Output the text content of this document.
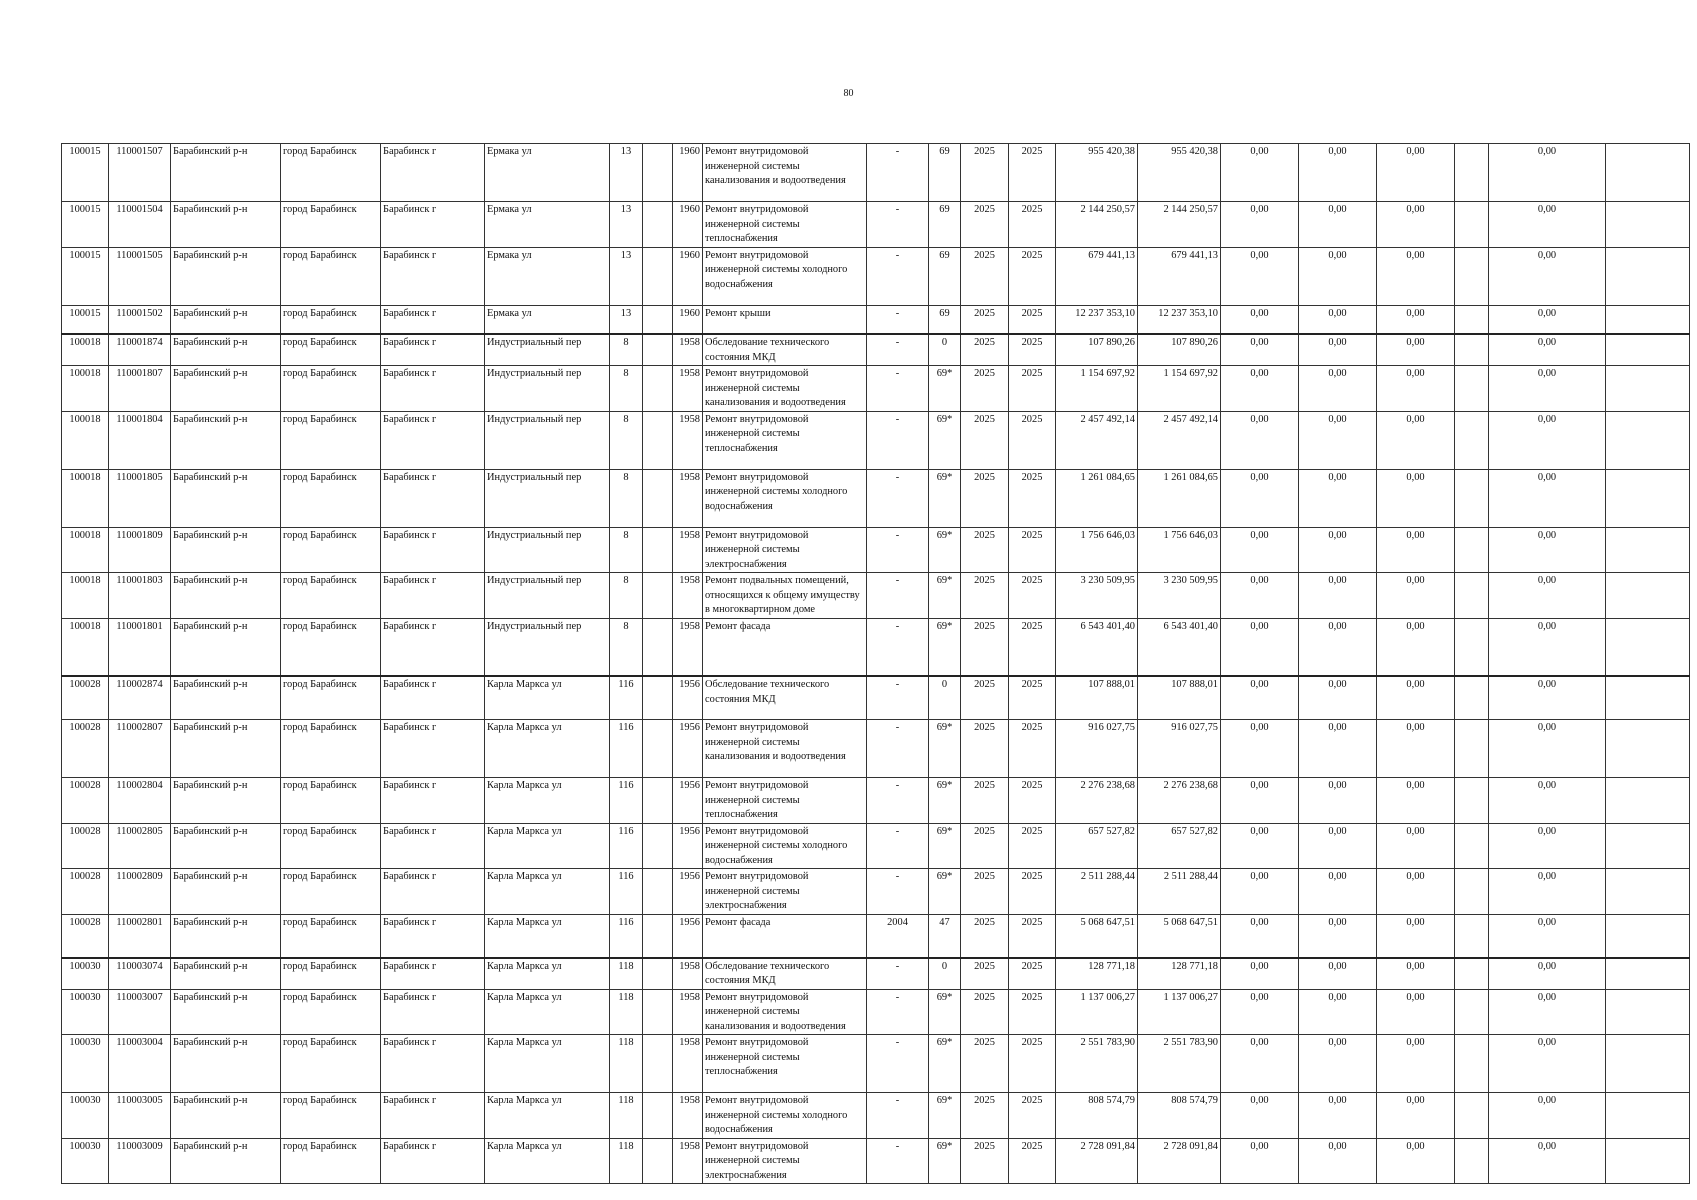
80
100015	110001507	Барабинский р-н	город Барабинск	Барабинск г	Ермака ул	13		1960	Ремонт внутридомовой инженерной системы канализования и водоотведения	-	69	2025	2025	955 420,38	955 420,38	0,00	0,00	0,00		0,00	
100015	110001504	Барабинский р-н	город Барабинск	Барабинск г	Ермака ул	13		1960	Ремонт внутридомовой инженерной системы теплоснабжения	-	69	2025	2025	2 144 250,57	2 144 250,57	0,00	0,00	0,00		0,00	
100015	110001505	Барабинский р-н	город Барабинск	Барабинск г	Ермака ул	13		1960	Ремонт внутридомовой инженерной системы холодного водоснабжения	-	69	2025	2025	679 441,13	679 441,13	0,00	0,00	0,00		0,00	
100015	110001502	Барабинский р-н	город Барабинск	Барабинск г	Ермака ул	13		1960	Ремонт крыши	-	69	2025	2025	12 237 353,10	12 237 353,10	0,00	0,00	0,00		0,00	
100018	110001874	Барабинский р-н	город Барабинск	Барабинск г	Индустриальный пер	8		1958	Обследование технического состояния МКД	-	0	2025	2025	107 890,26	107 890,26	0,00	0,00	0,00		0,00	
100018	110001807	Барабинский р-н	город Барабинск	Барабинск г	Индустриальный пер	8		1958	Ремонт внутридомовой инженерной системы канализования и водоотведения	-	69*	2025	2025	1 154 697,92	1 154 697,92	0,00	0,00	0,00		0,00	
100018	110001804	Барабинский р-н	город Барабинск	Барабинск г	Индустриальный пер	8		1958	Ремонт внутридомовой инженерной системы теплоснабжения	-	69*	2025	2025	2 457 492,14	2 457 492,14	0,00	0,00	0,00		0,00	
100018	110001805	Барабинский р-н	город Барабинск	Барабинск г	Индустриальный пер	8		1958	Ремонт внутридомовой инженерной системы холодного водоснабжения	-	69*	2025	2025	1 261 084,65	1 261 084,65	0,00	0,00	0,00		0,00	
100018	110001809	Барабинский р-н	город Барабинск	Барабинск г	Индустриальный пер	8		1958	Ремонт внутридомовой инженерной системы электроснабжения	-	69*	2025	2025	1 756 646,03	1 756 646,03	0,00	0,00	0,00		0,00	
100018	110001803	Барабинский р-н	город Барабинск	Барабинск г	Индустриальный пер	8		1958	Ремонт подвальных помещений, относящихся к общему имуществу в многоквартирном доме	-	69*	2025	2025	3 230 509,95	3 230 509,95	0,00	0,00	0,00		0,00	
100018	110001801	Барабинский р-н	город Барабинск	Барабинск г	Индустриальный пер	8		1958	Ремонт фасада	-	69*	2025	2025	6 543 401,40	6 543 401,40	0,00	0,00	0,00		0,00	
100028	110002874	Барабинский р-н	город Барабинск	Барабинск г	Карла Маркса ул	116		1956	Обследование технического состояния МКД	-	0	2025	2025	107 888,01	107 888,01	0,00	0,00	0,00		0,00	
100028	110002807	Барабинский р-н	город Барабинск	Барабинск г	Карла Маркса ул	116		1956	Ремонт внутридомовой инженерной системы канализования и водоотведения	-	69*	2025	2025	916 027,75	916 027,75	0,00	0,00	0,00		0,00	
100028	110002804	Барабинский р-н	город Барабинск	Барабинск г	Карла Маркса ул	116		1956	Ремонт внутридомовой инженерной системы теплоснабжения	-	69*	2025	2025	2 276 238,68	2 276 238,68	0,00	0,00	0,00		0,00	
100028	110002805	Барабинский р-н	город Барабинск	Барабинск г	Карла Маркса ул	116		1956	Ремонт внутридомовой инженерной системы холодного водоснабжения	-	69*	2025	2025	657 527,82	657 527,82	0,00	0,00	0,00		0,00	
100028	110002809	Барабинский р-н	город Барабинск	Барабинск г	Карла Маркса ул	116		1956	Ремонт внутридомовой инженерной системы электроснабжения	-	69*	2025	2025	2 511 288,44	2 511 288,44	0,00	0,00	0,00		0,00	
100028	110002801	Барабинский р-н	город Барабинск	Барабинск г	Карла Маркса ул	116		1956	Ремонт фасада	2004	47	2025	2025	5 068 647,51	5 068 647,51	0,00	0,00	0,00		0,00	
100030	110003074	Барабинский р-н	город Барабинск	Барабинск г	Карла Маркса ул	118		1958	Обследование технического состояния МКД	-	0	2025	2025	128 771,18	128 771,18	0,00	0,00	0,00		0,00	
100030	110003007	Барабинский р-н	город Барабинск	Барабинск г	Карла Маркса ул	118		1958	Ремонт внутридомовой инженерной системы канализования и водоотведения	-	69*	2025	2025	1 137 006,27	1 137 006,27	0,00	0,00	0,00		0,00	
100030	110003004	Барабинский р-н	город Барабинск	Барабинск г	Карла Маркса ул	118		1958	Ремонт внутридомовой инженерной системы теплоснабжения	-	69*	2025	2025	2 551 783,90	2 551 783,90	0,00	0,00	0,00		0,00	
100030	110003005	Барабинский р-н	город Барабинск	Барабинск г	Карла Маркса ул	118		1958	Ремонт внутридомовой инженерной системы холодного водоснабжения	-	69*	2025	2025	808 574,79	808 574,79	0,00	0,00	0,00		0,00	
100030	110003009	Барабинский р-н	город Барабинск	Барабинск г	Карла Маркса ул	118		1958	Ремонт внутридомовой инженерной системы электроснабжения	-	69*	2025	2025	2 728 091,84	2 728 091,84	0,00	0,00	0,00		0,00	
